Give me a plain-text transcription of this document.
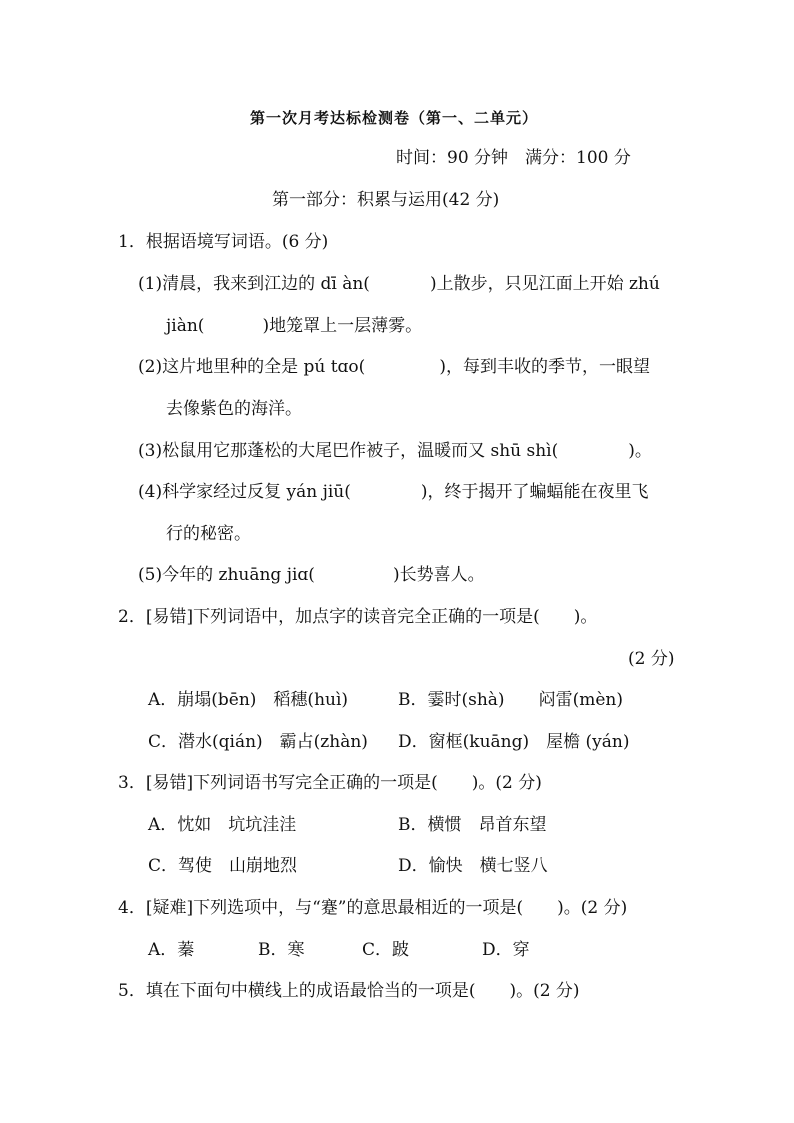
第一次月考达标检测卷（第一、二单元）
时间：90 分钟　满分：100 分
第一部分：积累与运用(42 分)
1．根据语境写词语。(6 分)
(1)清晨，我来到江边的 dī àn(	)上散步，只见江面上开始 zhú
jiàn(	)地笼罩上一层薄雾。
(2)这片地里种的全是 pú tɑo(	)，每到丰收的季节，一眼望
去像紫色的海洋。
(3)松鼠用它那蓬松的大尾巴作被子，温暖而又 shū shì(	)。
(4)科学家经过反复 yán jiū(	)，终于揭开了蝙蝠能在夜里飞
行的秘密。
(5)今年的 zhuāng jiɑ(	)长势喜人。
2．[易错]下列词语中，加点字的读音完全正确的一项是(　　)。
(2 分)
A．崩塌(bēn)　稻穗(huì)	B．霎时(shà)　　闷雷(mèn)
C．潜水(qián)　霸占(zhàn) D．窗框(kuāng)　屋檐 (yán)
3．[易错]下列词语书写完全正确的一项是(　　)。(2 分)
A．忱如　坑坑洼洼	B．横惯　昂首东望
C．驾使　山崩地烈	D．愉快　横七竖八
4．[疑难]下列选项中，与“蹇”的意思最相近的一项是(　　)。(2 分)
A．蓁	B．寒	C．跛	D．穿
5．填在下面句中横线上的成语最恰当的一项是(　　)。(2 分)
